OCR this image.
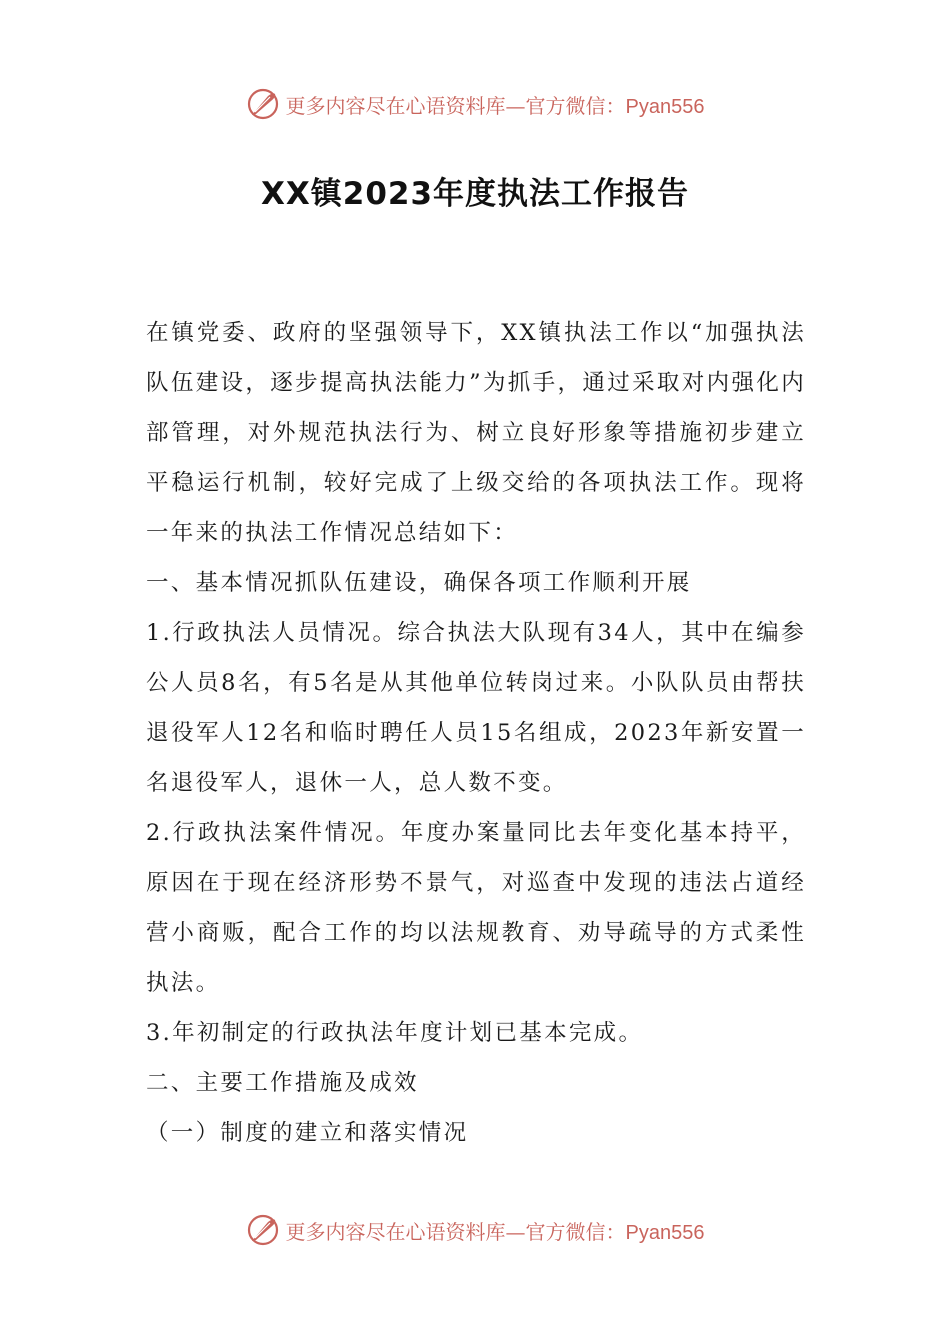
更多内容尽在心语资料库—官方微信：Pyan556
XX镇2023年度执法工作报告

在镇党委、政府的坚强领导下，XX镇执法工作以“加强执法队伍建设，逐步提高执法能力”为抓手，通过采取对内强化内部管理，对外规范执法行为、树立良好形象等措施初步建立平稳运行机制，较好完成了上级交给的各项执法工作。现将一年来的执法工作情况总结如下：

一、基本情况抓队伍建设，确保各项工作顺利开展

1.行政执法人员情况。综合执法大队现有34人，其中在编参公人员8名，有5名是从其他单位转岗过来。小队队员由帮扶退役军人12名和临时聘任人员15名组成，2023年新安置一名退役军人，退休一人，总人数不变。

2.行政执法案件情况。年度办案量同比去年变化基本持平，原因在于现在经济形势不景气，对巡查中发现的违法占道经营小商贩，配合工作的均以法规教育、劝导疏导的方式柔性执法。

3.年初制定的行政执法年度计划已基本完成。

二、主要工作措施及成效

（一）制度的建立和落实情况

更多内容尽在心语资料库—官方微信：Pyan556
